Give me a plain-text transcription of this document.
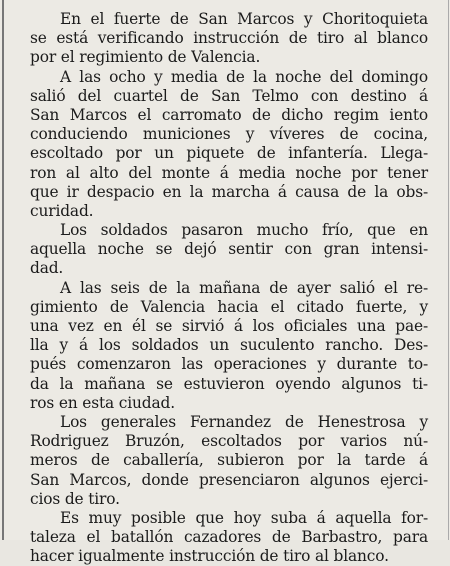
En el fuerte de San Marcos y Choritoquieta
se está verificando instrucción de tiro al blanco
por el regimiento de Valencia.
A las ocho y media de la noche del domingo
salió del cuartel de San Telmo con destino á
San Marcos el carromato de dicho regim iento
conduciendo municiones y víveres de cocina,
escoltado por un piquete de infantería. Llega-
ron al alto del monte á media noche por tener
que ir despacio en la marcha á causa de la obs-
curidad.
Los soldados pasaron mucho frío, que en
aquella noche se dejó sentir con gran intensi-
dad.
A las seis de la mañana de ayer salió el re-
gimiento de Valencia hacia el citado fuerte, y
una vez en él se sirvió á los oficiales una pae-
lla y á los soldados un suculento rancho. Des-
pués comenzaron las operaciones y durante to-
da la mañana se estuvieron oyendo algunos ti-
ros en esta ciudad.
Los generales Fernandez de Henestrosa y
Rodriguez Bruzón, escoltados por varios nú-
meros de caballería, subieron por la tarde á
San Marcos, donde presenciaron algunos ejerci-
cios de tiro.
Es muy posible que hoy suba á aquella for-
taleza el batallón cazadores de Barbastro, para
hacer igualmente instrucción de tiro al blanco.
